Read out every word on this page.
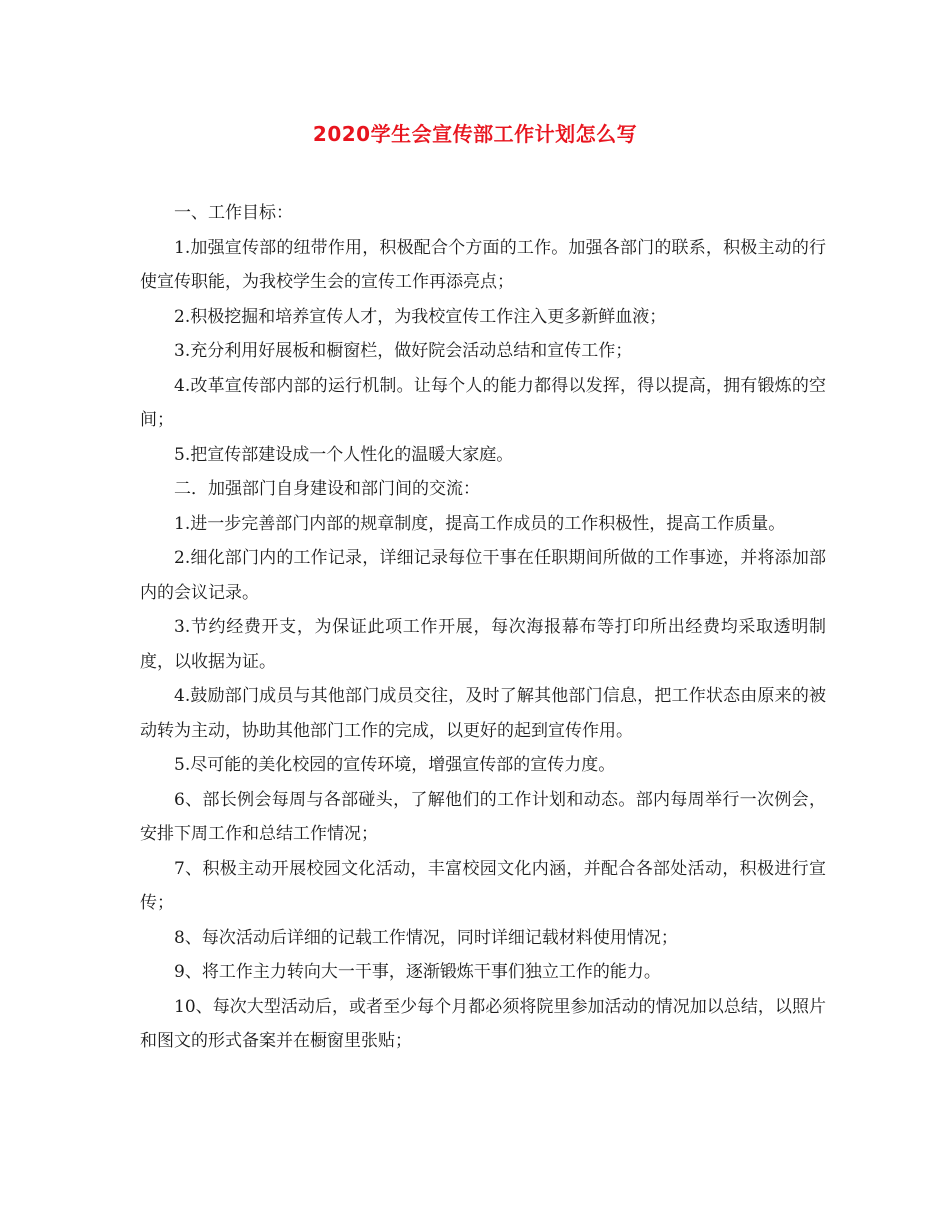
2020学生会宣传部工作计划怎么写

一、工作目标：

1.加强宣传部的纽带作用，积极配合个方面的工作。加强各部门的联系，积极主动的行使宣传职能，为我校学生会的宣传工作再添亮点；

2.积极挖掘和培养宣传人才，为我校宣传工作注入更多新鲜血液；

3.充分利用好展板和橱窗栏，做好院会活动总结和宣传工作；

4.改革宣传部内部的运行机制。让每个人的能力都得以发挥，得以提高，拥有锻炼的空间；

5.把宣传部建设成一个人性化的温暖大家庭。

二．加强部门自身建设和部门间的交流：

1.进一步完善部门内部的规章制度，提高工作成员的工作积极性，提高工作质量。

2.细化部门内的工作记录，详细记录每位干事在任职期间所做的工作事迹，并将添加部内的会议记录。

3.节约经费开支，为保证此项工作开展，每次海报幕布等打印所出经费均采取透明制度，以收据为证。

4.鼓励部门成员与其他部门成员交往，及时了解其他部门信息，把工作状态由原来的被动转为主动，协助其他部门工作的完成，以更好的起到宣传作用。

5.尽可能的美化校园的宣传环境，增强宣传部的宣传力度。

6、部长例会每周与各部碰头，了解他们的工作计划和动态。部内每周举行一次例会，安排下周工作和总结工作情况；

7、积极主动开展校园文化活动，丰富校园文化内涵，并配合各部处活动，积极进行宣传；

8、每次活动后详细的记载工作情况，同时详细记载材料使用情况；

9、将工作主力转向大一干事，逐渐锻炼干事们独立工作的能力。

10、每次大型活动后，或者至少每个月都必须将院里参加活动的情况加以总结，以照片和图文的形式备案并在橱窗里张贴；
